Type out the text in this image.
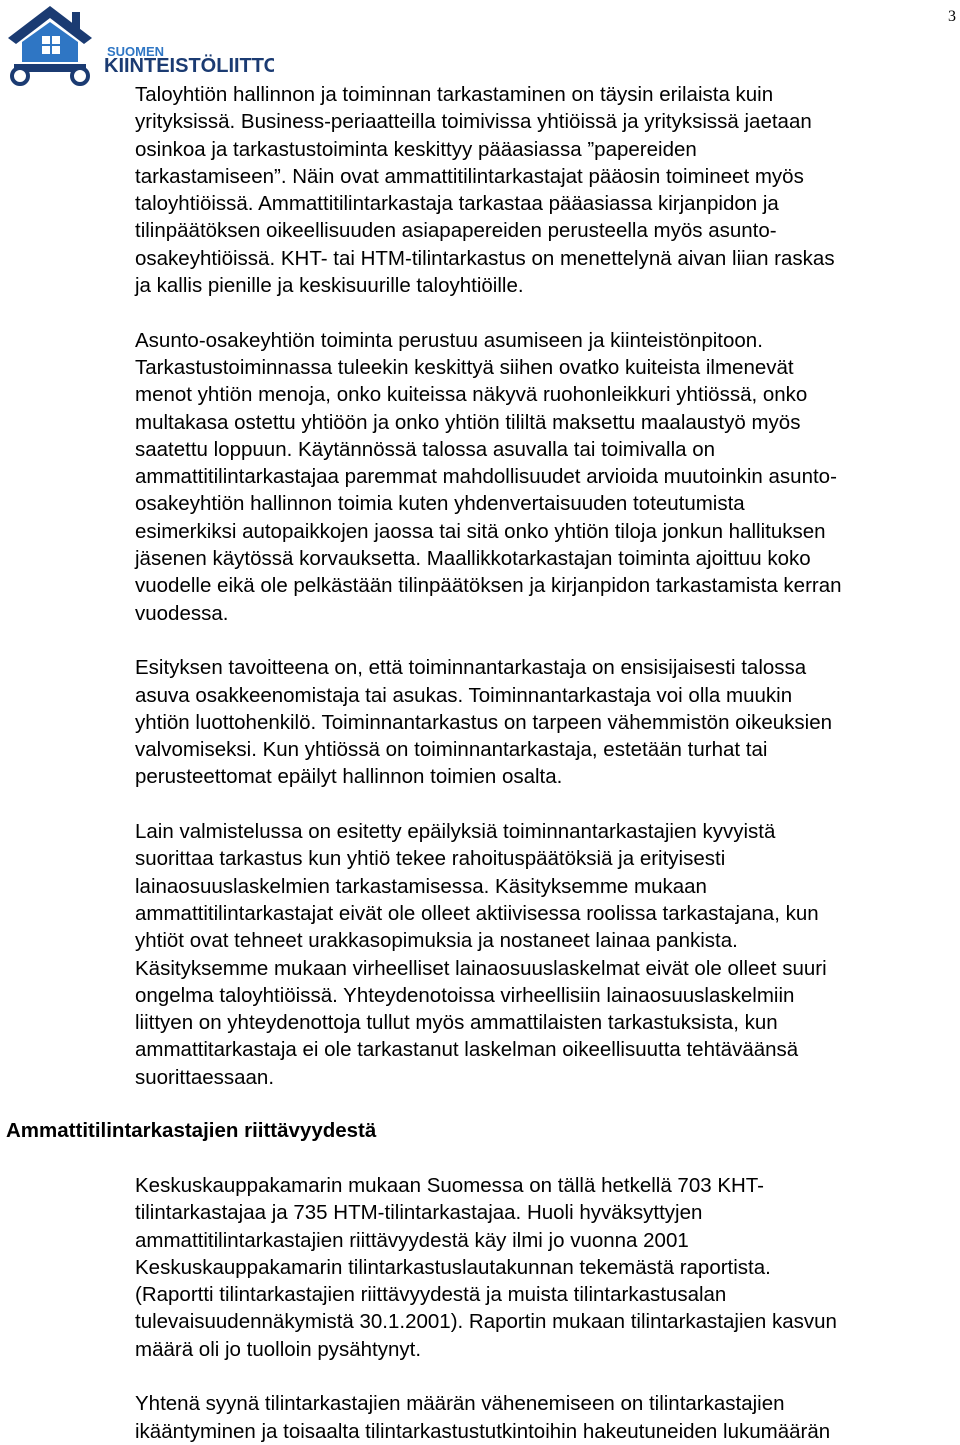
SUOMEN
KIINTEISTÖLIITTO
3

Taloyhtiön hallinnon ja toiminnan tarkastaminen on täysin erilaista kuin
yrityksissä. Business-periaatteilla toimivissa yhtiöissä ja yrityksissä jaetaan
osinkoa ja tarkastustoiminta keskittyy pääasiassa ”papereiden
tarkastamiseen”. Näin ovat ammattitilintarkastajat pääosin toimineet myös
taloyhtiöissä. Ammattitilintarkastaja tarkastaa pääasiassa kirjanpidon ja
tilinpäätöksen oikeellisuuden asiapapereiden perusteella myös asunto-
osakeyhtiöissä. KHT- tai HTM-tilintarkastus on menettelynä aivan liian raskas
ja kallis pienille ja keskisuurille taloyhtiöille.

Asunto-osakeyhtiön toiminta perustuu asumiseen ja kiinteistönpitoon.
Tarkastustoiminnassa tuleekin keskittyä siihen ovatko kuiteista ilmenevät
menot yhtiön menoja, onko kuiteissa näkyvä ruohonleikkuri yhtiössä, onko
multakasa ostettu yhtiöön ja onko yhtiön tililtä maksettu maalaustyö myös
saatettu loppuun. Käytännössä talossa asuvalla tai toimivalla on
ammattitilintarkastajaa paremmat mahdollisuudet arvioida muutoinkin asunto-
osakeyhtiön hallinnon toimia kuten yhdenvertaisuuden toteutumista
esimerkiksi autopaikkojen jaossa tai sitä onko yhtiön tiloja jonkun hallituksen
jäsenen käytössä korvauksetta. Maallikkotarkastajan toiminta ajoittuu koko
vuodelle eikä ole pelkästään tilinpäätöksen ja kirjanpidon tarkastamista kerran
vuodessa.

Esityksen tavoitteena on, että toiminnantarkastaja on ensisijaisesti talossa
asuva osakkeenomistaja tai asukas. Toiminnantarkastaja voi olla muukin
yhtiön luottohenkilö. Toiminnantarkastus on tarpeen vähemmistön oikeuksien
valvomiseksi. Kun yhtiössä on toiminnantarkastaja, estetään turhat tai
perusteettomat epäilyt hallinnon toimien osalta.

Lain valmistelussa on esitetty epäilyksiä toiminnantarkastajien kyvyistä
suorittaa tarkastus kun yhtiö tekee rahoituspäätöksiä ja erityisesti
lainaosuuslaskelmien tarkastamisessa. Käsityksemme mukaan
ammattitilintarkastajat eivät ole olleet aktiivisessa roolissa tarkastajana, kun
yhtiöt ovat tehneet urakkasopimuksia ja nostaneet lainaa pankista.
Käsityksemme mukaan virheelliset lainaosuuslaskelmat eivät ole olleet suuri
ongelma taloyhtiöissä. Yhteydenotoissa virheellisiin lainaosuuslaskelmiin
liittyen on yhteydenottoja tullut myös ammattilaisten tarkastuksista, kun
ammattitarkastaja ei ole tarkastanut laskelman oikeellisuutta tehtäväänsä
suorittaessaan.

Ammattitilintarkastajien riittävyydestä

Keskuskauppakamarin mukaan Suomessa on tällä hetkellä 703 KHT-
tilintarkastajaa ja 735 HTM-tilintarkastajaa. Huoli hyväksyttyjen
ammattitilintarkastajien riittävyydestä käy ilmi jo vuonna 2001
Keskuskauppakamarin tilintarkastuslautakunnan tekemästä raportista.
(Raportti tilintarkastajien riittävyydestä ja muista tilintarkastusalan
tulevaisuudennäkymistä 30.1.2001). Raportin mukaan tilintarkastajien kasvun
määrä oli jo tuolloin pysähtynyt.

Yhtenä syynä tilintarkastajien määrän vähenemiseen on tilintarkastajien
ikääntyminen ja toisaalta tilintarkastustutkintoihin hakeutuneiden lukumäärän
